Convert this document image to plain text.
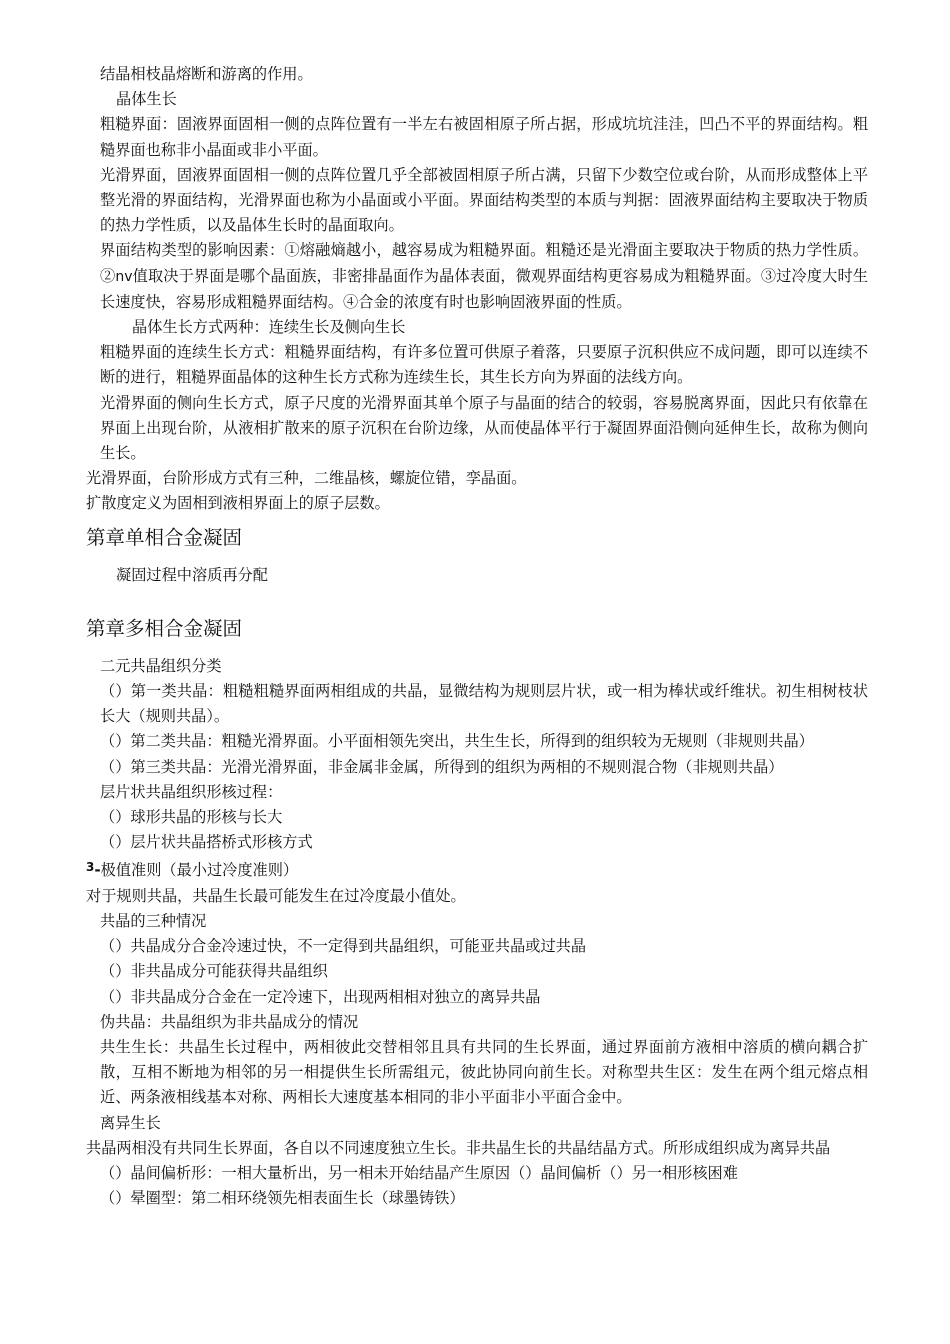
结晶相枝晶熔断和游离的作用。

晶体生长

粗糙界面：固液界面固相一侧的点阵位置有一半左右被固相原子所占据，形成坑坑洼洼，凹凸不平的界面结构。粗糙界面也称非小晶面或非小平面。

光滑界面，固液界面固相一侧的点阵位置几乎全部被固相原子所占满，只留下少数空位或台阶，从而形成整体上平整光滑的界面结构，光滑界面也称为小晶面或小平面。界面结构类型的本质与判据：固液界面结构主要取决于物质的热力学性质，以及晶体生长时的晶面取向。

界面结构类型的影响因素：①熔融熵越小，越容易成为粗糙界面。粗糙还是光滑面主要取决于物质的热力学性质。②nv值取决于界面是哪个晶面族，非密排晶面作为晶体表面，微观界面结构更容易成为粗糙界面。③过冷度大时生长速度快，容易形成粗糙界面结构。④合金的浓度有时也影响固液界面的性质。

晶体生长方式两种：连续生长及侧向生长

粗糙界面的连续生长方式：粗糙界面结构，有许多位置可供原子着落，只要原子沉积供应不成问题，即可以连续不断的进行，粗糙界面晶体的这种生长方式称为连续生长，其生长方向为界面的法线方向。

光滑界面的侧向生长方式，原子尺度的光滑界面其单个原子与晶面的结合的较弱，容易脱离界面，因此只有依靠在界面上出现台阶，从液相扩散来的原子沉积在台阶边缘，从而使晶体平行于凝固界面沿侧向延伸生长，故称为侧向生长。

光滑界面，台阶形成方式有三种，二维晶核，螺旋位错，孪晶面。

扩散度定义为固相到液相界面上的原子层数。

第章单相合金凝固

凝固过程中溶质再分配

第章多相合金凝固

二元共晶组织分类

（）第一类共晶：粗糙粗糙界面两相组成的共晶，显微结构为规则层片状，或一相为棒状或纤维状。初生相树枝状长大（规则共晶）。

（）第二类共晶：粗糙光滑界面。小平面相领先突出，共生生长，所得到的组织较为无规则（非规则共晶）

（）第三类共晶：光滑光滑界面，非金属非金属，所得到的组织为两相的不规则混合物（非规则共晶）

层片状共晶组织形核过程：

（）球形共晶的形核与长大

（）层片状共晶搭桥式形核方式

$^3$-极值准则（最小过冷度准则）

对于规则共晶，共晶生长最可能发生在过冷度最小值处。

共晶的三种情况

（）共晶成分合金冷速过快，不一定得到共晶组织，可能亚共晶或过共晶

（）非共晶成分可能获得共晶组织

（）非共晶成分合金在一定冷速下，出现两相相对独立的离异共晶

伪共晶：共晶组织为非共晶成分的情况

共生生长：共晶生长过程中，两相彼此交替相邻且具有共同的生长界面，通过界面前方液相中溶质的横向耦合扩散，互相不断地为相邻的另一相提供生长所需组元，彼此协同向前生长。对称型共生区：发生在两个组元熔点相近、两条液相线基本对称、两相长大速度基本相同的非小平面非小平面合金中。

离异生长

共晶两相没有共同生长界面，各自以不同速度独立生长。非共晶生长的共晶结晶方式。所形成组织成为离异共晶

（）晶间偏析形：一相大量析出，另一相未开始结晶产生原因（）晶间偏析（）另一相形核困难

（）晕圈型：第二相环绕领先相表面生长（球墨铸铁）
